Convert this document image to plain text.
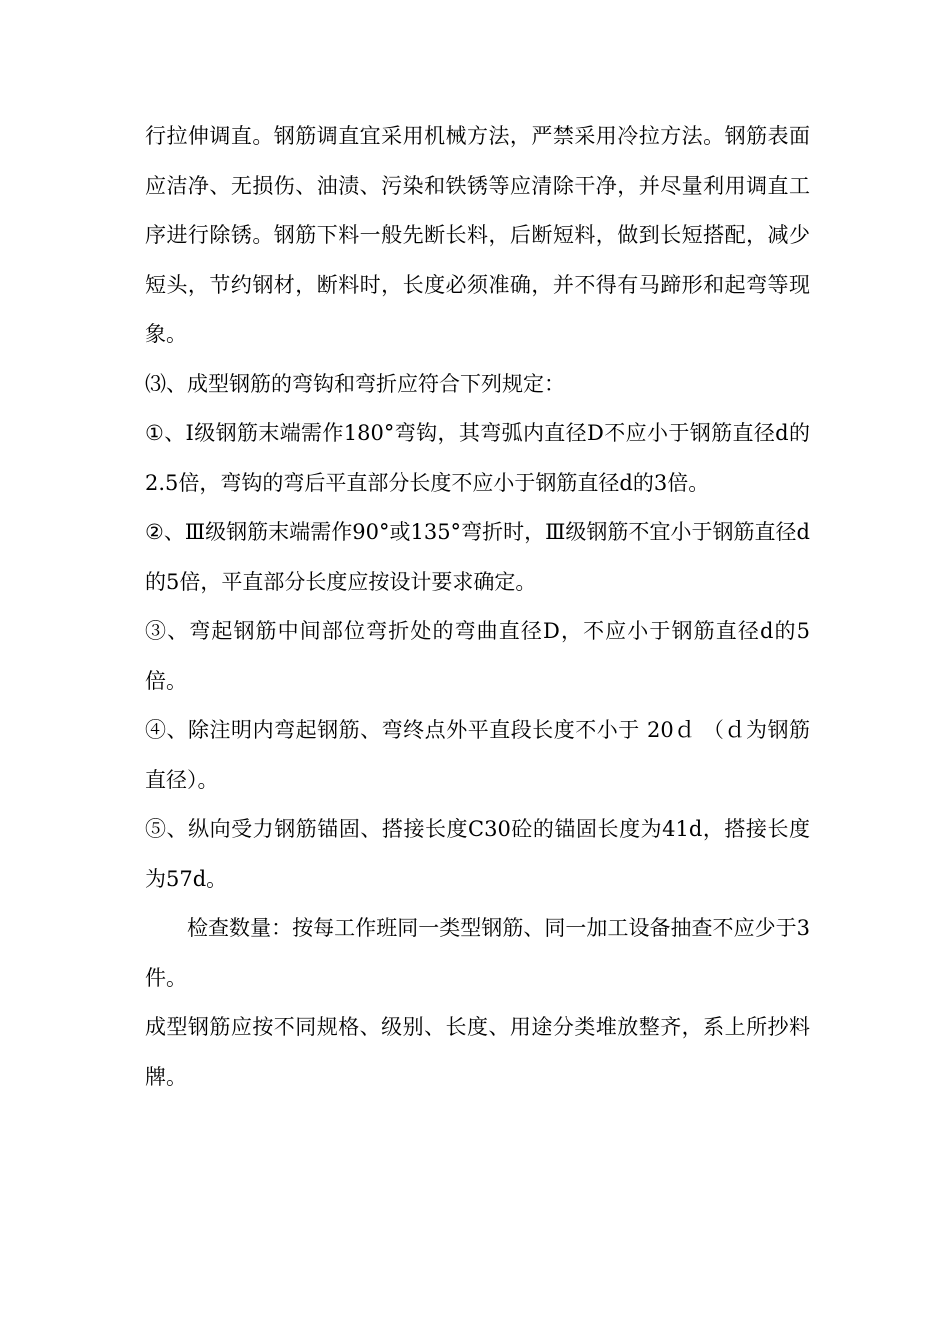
行拉伸调直。钢筋调直宜采用机械方法，严禁采用冷拉方法。钢筋表面应洁净、无损伤、油渍、污染和铁锈等应清除干净，并尽量利用调直工序进行除锈。钢筋下料一般先断长料，后断短料，做到长短搭配，减少短头，节约钢材，断料时，长度必须准确，并不得有马蹄形和起弯等现象。

⑶、成型钢筋的弯钩和弯折应符合下列规定：

①、Ⅰ级钢筋末端需作180°弯钩，其弯弧内直径D不应小于钢筋直径d的2.5倍，弯钩的弯后平直部分长度不应小于钢筋直径d的3倍。

②、Ⅲ级钢筋末端需作90°或135°弯折时，Ⅲ级钢筋不宜小于钢筋直径d的5倍，平直部分长度应按设计要求确定。

③、弯起钢筋中间部位弯折处的弯曲直径D，不应小于钢筋直径d的5倍。

④、除注明内弯起钢筋、弯终点外平直段长度不小于 20ｄ （ｄ为钢筋直径）。

⑤、纵向受力钢筋锚固、搭接长度C30砼的锚固长度为41d，搭接长度为57d。

检查数量：按每工作班同一类型钢筋、同一加工设备抽查不应少于3件。

成型钢筋应按不同规格、级别、长度、用途分类堆放整齐，系上所抄料牌。
